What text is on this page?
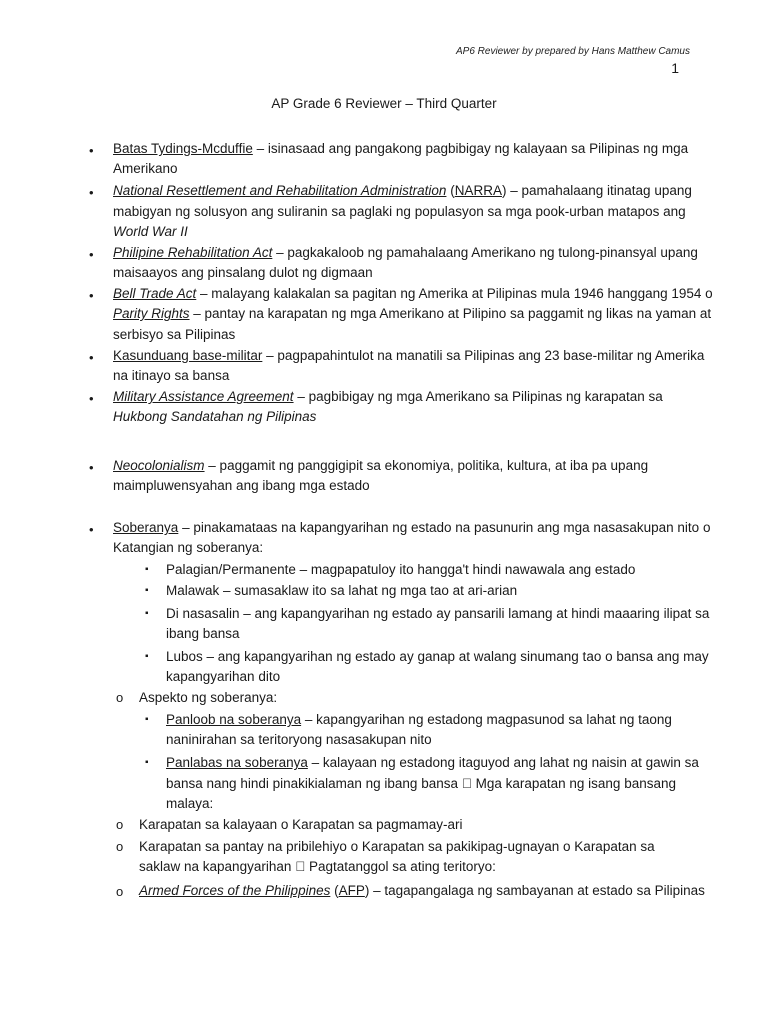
AP6 Reviewer by prepared by Hans Matthew Camus
1
AP Grade 6 Reviewer – Third Quarter
• Batas Tydings-Mcduffie – isinasaad ang pangakong pagbibigay ng kalayaan sa Pilipinas ng mga
Amerikano
• National Resettlement and Rehabilitation Administration (NARRA) – pamahalaang itinatag upang
mabigyan ng solusyon ang suliranin sa paglaki ng populasyon sa mga pook-urban matapos ang
World War II
• Philipine Rehabilitation Act – pagkakaloob ng pamahalaang Amerikano ng tulong-pinansyal upang
maisaayos ang pinsalang dulot ng digmaan
• Bell Trade Act – malayang kalakalan sa pagitan ng Amerika at Pilipinas mula 1946 hanggang 1954 o
Parity Rights – pantay na karapatan ng mga Amerikano at Pilipino sa paggamit ng likas na yaman at
serbisyo sa Pilipinas
• Kasunduang base-militar – pagpapahintulot na manatili sa Pilipinas ang 23 base-militar ng Amerika
na itinayo sa bansa
• Military Assistance Agreement – pagbibigay ng mga Amerikano sa Pilipinas ng karapatan sa
Hukbong Sandatahan ng Pilipinas
• Neocolonialism – paggamit ng panggigipit sa ekonomiya, politika, kultura, at iba pa upang
maimpluwensyahan ang ibang mga estado
• Soberanya – pinakamataas na kapangyarihan ng estado na pasunurin ang mga nasasakupan nito o
Katangian ng soberanya:
▪ Palagian/Permanente – magpapatuloy ito hangga't hindi nawawala ang estado
▪ Malawak – sumasaklaw ito sa lahat ng mga tao at ari-arian
▪ Di nasasalin – ang kapangyarihan ng estado ay pansarili lamang at hindi maaaring ilipat sa
ibang bansa
▪ Lubos – ang kapangyarihan ng estado ay ganap at walang sinumang tao o bansa ang may
kapangyarihan dito
o Aspekto ng soberanya:
▪ Panloob na soberanya – kapangyarihan ng estadong magpasunod sa lahat ng taong
naninirahan sa teritoryong nasasakupan nito
▪ Panlabas na soberanya – kalayaan ng estadong itaguyod ang lahat ng naisin at gawin sa
bansa nang hindi pinakikialaman ng ibang bansa Mga karapatan ng isang bansang
malaya:
o Karapatan sa kalayaan o Karapatan sa pagmamay-ari
o Karapatan sa pantay na pribilehiyo o Karapatan sa pakikipag-ugnayan o Karapatan sa
saklaw na kapangyarihan Pagtatanggol sa ating teritoryo:
o Armed Forces of the Philippines (AFP) – tagapangalaga ng sambayanan at estado sa Pilipinas
